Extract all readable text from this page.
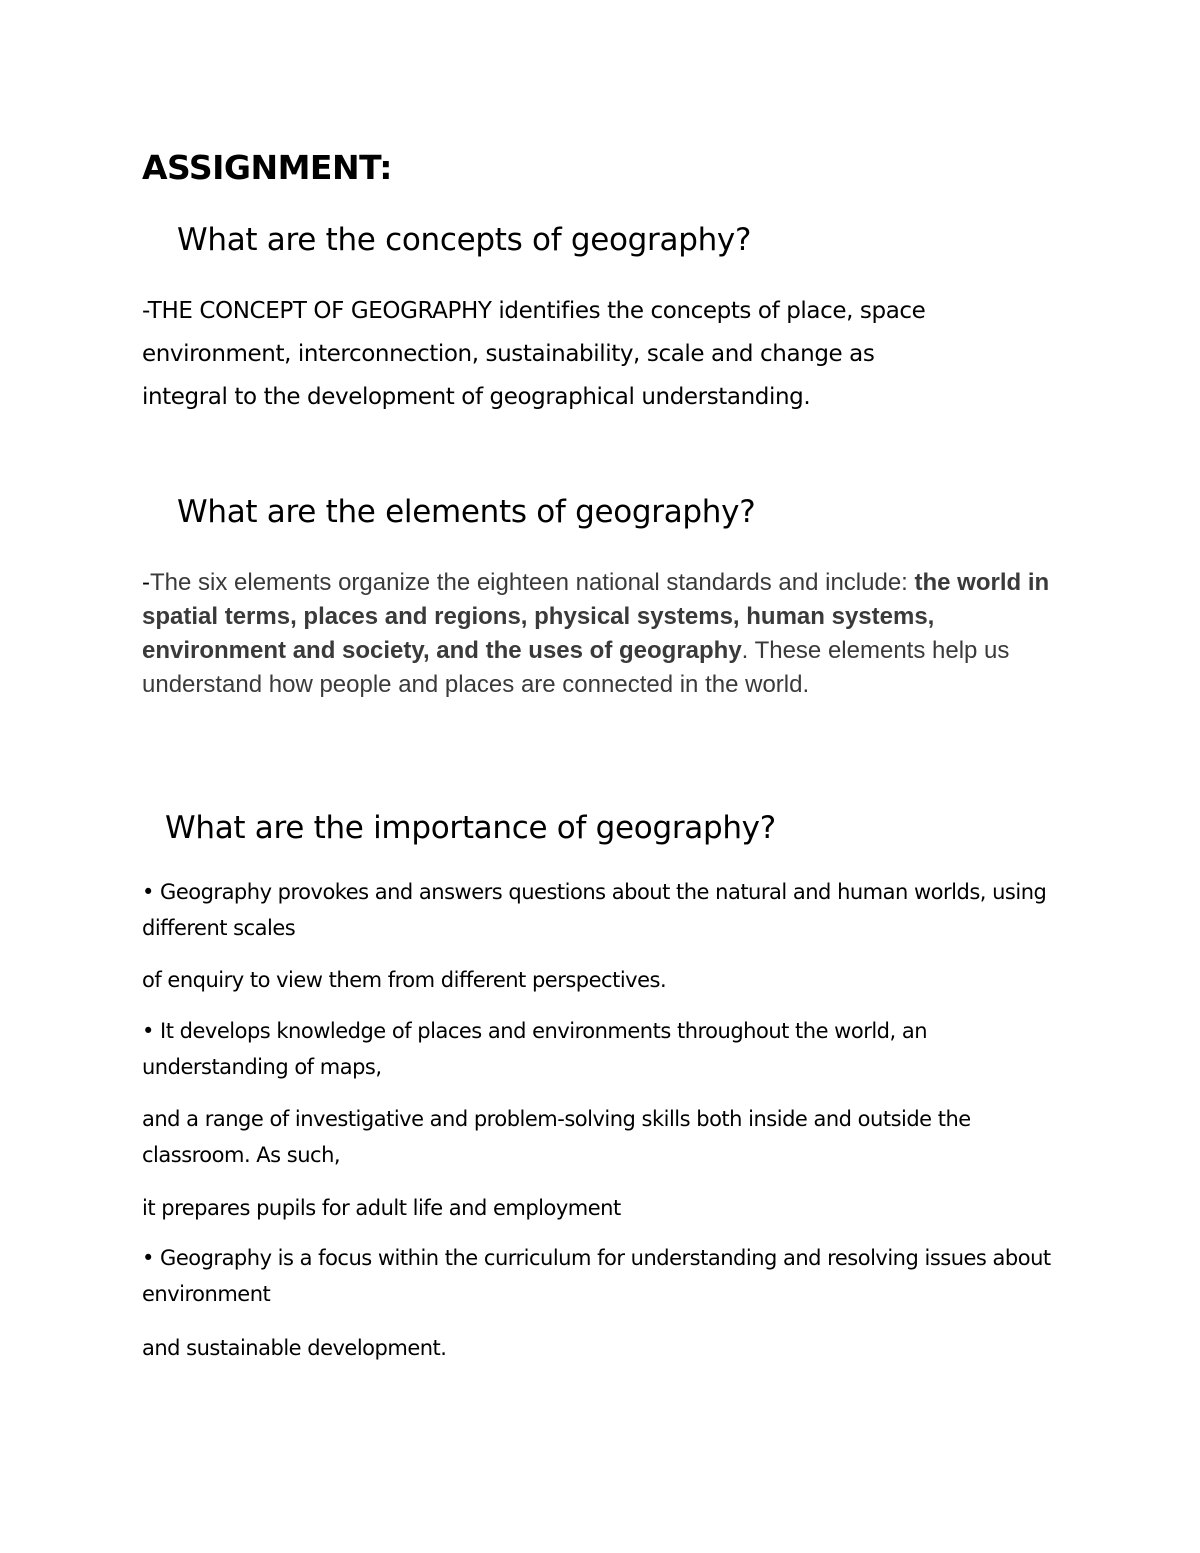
ASSIGNMENT:
What are the concepts of geography?
-THE CONCEPT OF GEOGRAPHY identifies the concepts of place, space
environment, interconnection, sustainability, scale and change as
integral to the development of geographical understanding.
What are the elements of geography?

-The six elements organize the eighteen national standards and include: the world in spatial terms, places and regions, physical systems, human systems, environment and society, and the uses of geography. These elements help us understand how people and places are connected in the world.

What are the importance of geography?

• Geography provokes and answers questions about the natural and human worlds, using different scales

of enquiry to view them from different perspectives.

• It develops knowledge of places and environments throughout the world, an understanding of maps,

and a range of investigative and problem-solving skills both inside and outside the classroom. As such,

it prepares pupils for adult life and employment

• Geography is a focus within the curriculum for understanding and resolving issues about environment

and sustainable development.
